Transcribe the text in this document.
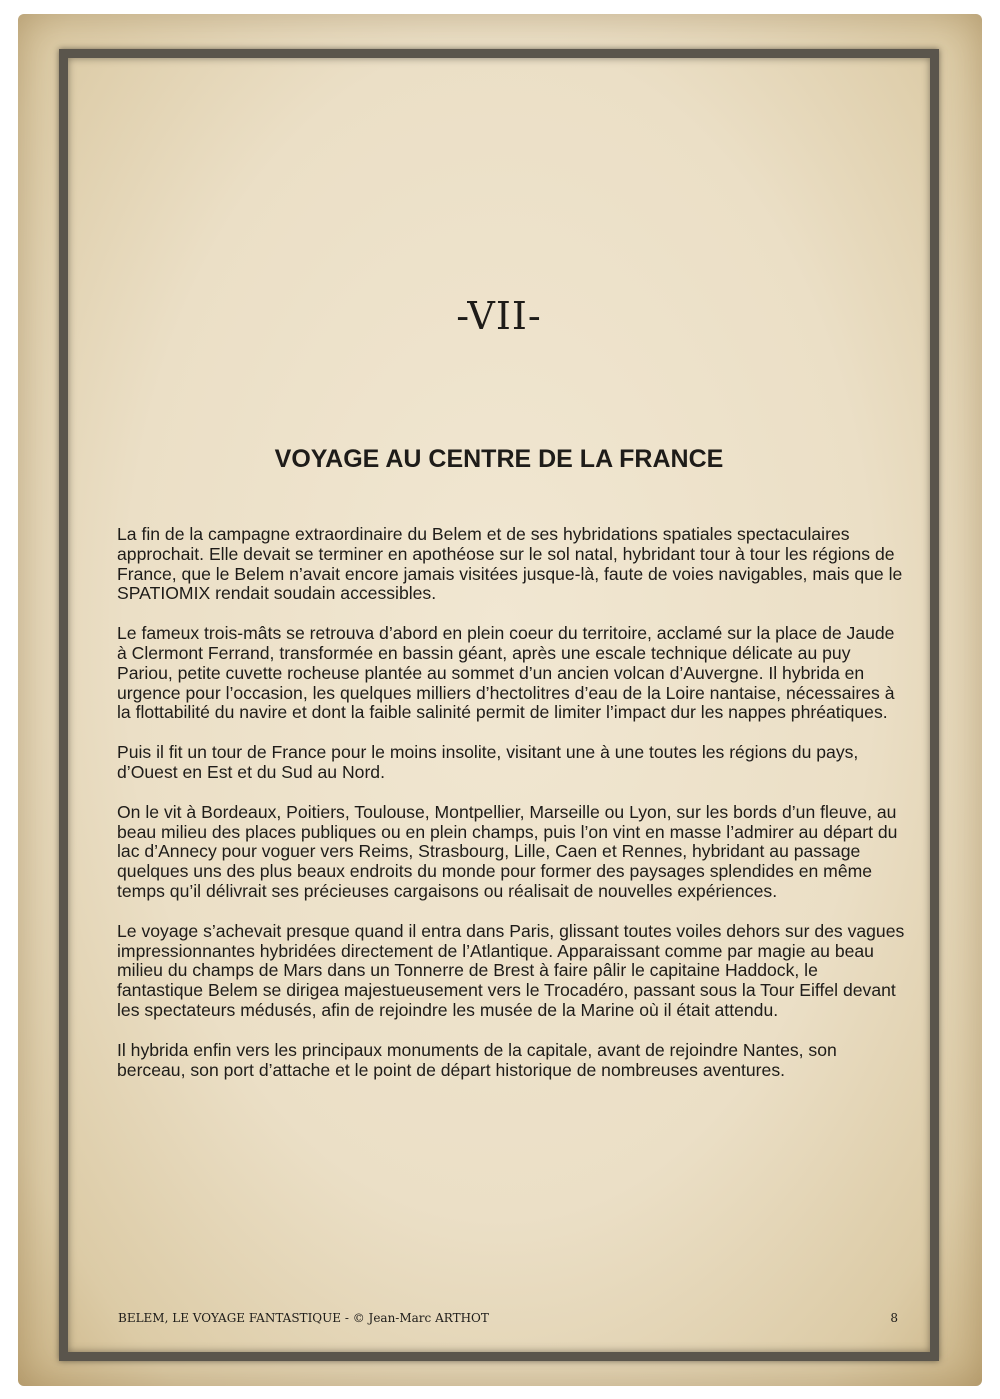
-VII-
VOYAGE AU CENTRE DE LA FRANCE

La fin de la campagne extraordinaire du Belem et de ses hybridations spatiales spectaculaires approchait. Elle devait se terminer en apothéose sur le sol natal, hybridant tour à tour les régions de France, que le Belem n’avait encore jamais visitées jusque-là, faute de voies navigables, mais que le SPATIOMIX rendait soudain accessibles.

Le fameux trois-mâts se retrouva d’abord en plein coeur du territoire, acclamé sur la place de Jaude à Clermont Ferrand, transformée en bassin géant, après une escale technique délicate au puy Pariou, petite cuvette rocheuse plantée au sommet d’un ancien volcan d’Auvergne. Il hybrida en urgence pour l’occasion, les quelques milliers d’hectolitres d’eau de la Loire nantaise, nécessaires à la flottabilité du navire et dont la faible salinité permit de limiter l’impact dur les nappes phréatiques.

Puis il fit un tour de France pour le moins insolite, visitant une à une toutes les régions du pays, d’Ouest en Est et du Sud au Nord.

On le vit à Bordeaux, Poitiers, Toulouse, Montpellier, Marseille ou Lyon, sur les bords d’un fleuve, au beau milieu des places publiques ou en plein champs, puis l’on vint en masse l’admirer au départ du lac d’Annecy pour voguer vers Reims, Strasbourg, Lille, Caen et Rennes, hybridant au passage quelques uns des plus beaux endroits du monde pour former des paysages splendides en même temps qu’il délivrait ses précieuses cargaisons ou réalisait de nouvelles expériences.

Le voyage s’achevait presque quand il entra dans Paris, glissant toutes voiles dehors sur des vagues impressionnantes hybridées directement de l’Atlantique. Apparaissant comme par magie au beau milieu du champs de Mars dans un Tonnerre de Brest à faire pâlir le capitaine Haddock, le fantastique Belem se dirigea majestueusement vers le Trocadéro, passant sous la Tour Eiffel devant les spectateurs médusés, afin de rejoindre les musée de la Marine où il était attendu.

Il hybrida enfin vers les principaux monuments de la capitale, avant de rejoindre Nantes, son berceau, son port d’attache et le point de départ historique de nombreuses aventures.

BELEM, LE VOYAGE FANTASTIQUE - © Jean-Marc ARTHOT	8
